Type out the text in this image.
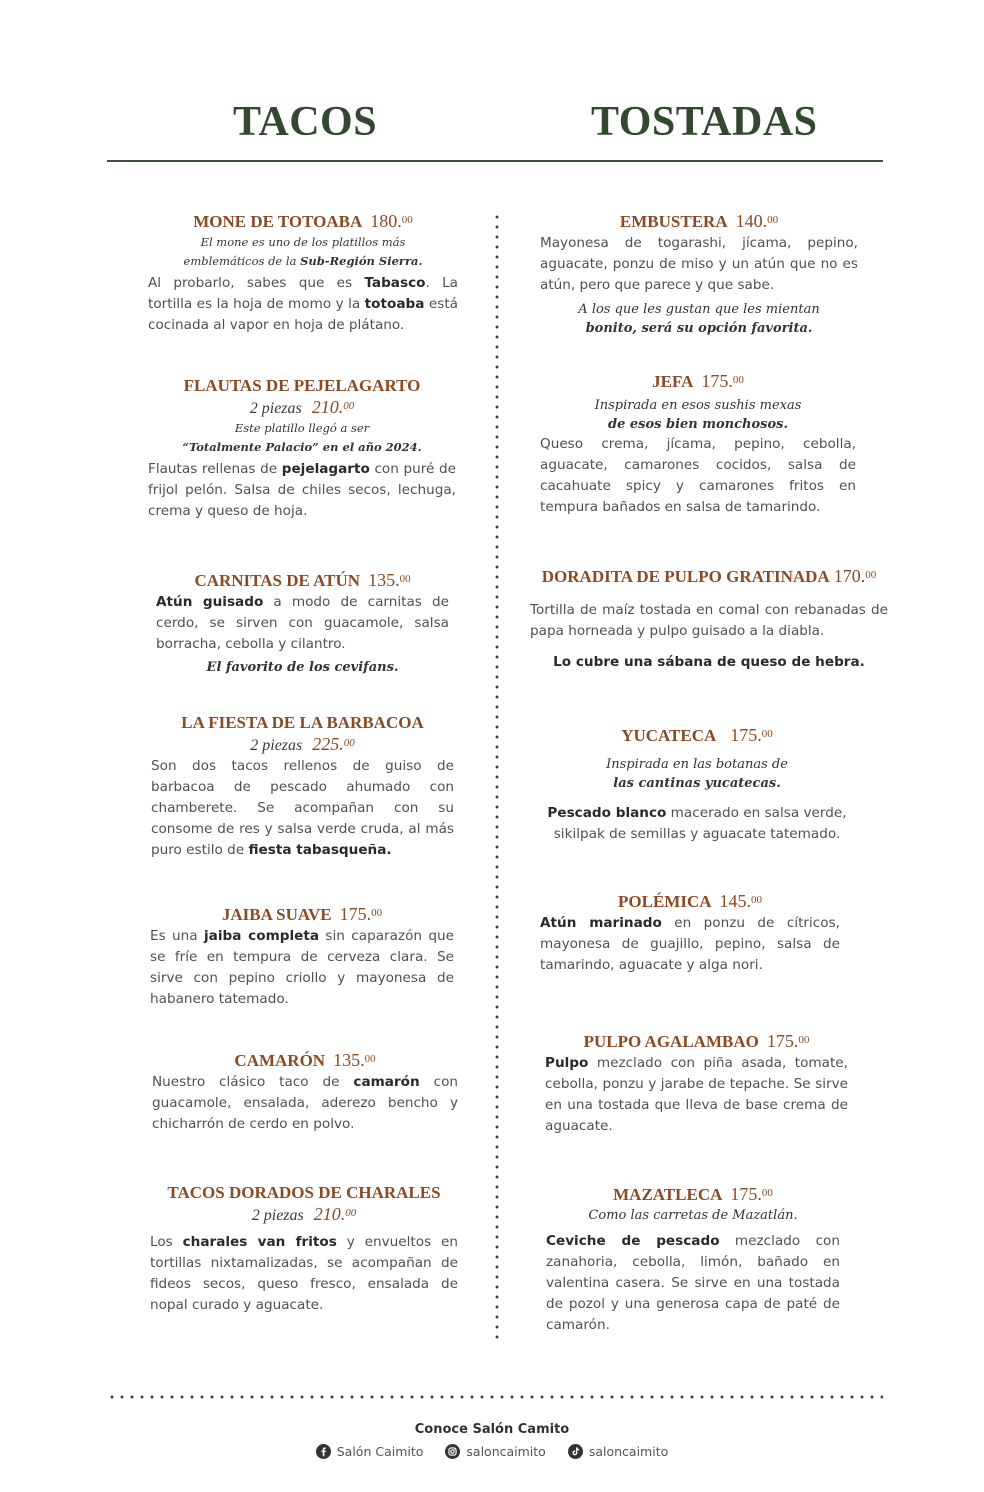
TACOS	TOSTADAS
MONE DE TOTOABA 180.00
El mone es uno de los platillos más
emblemáticos de la Sub-Región Sierra.
Al probarlo, sabes que es Tabasco. La tortilla es la hoja de momo y la totoaba está cocinada al vapor en hoja de plátano.
FLAUTAS DE PEJELAGARTO
2 piezas 210.00
Este platillo llegó a ser
“Totalmente Palacio” en el año 2024.
Flautas rellenas de pejelagarto con puré de frijol pelón. Salsa de chiles secos, lechuga, crema y queso de hoja.
CARNITAS DE ATÚN 135.00
Atún guisado a modo de carnitas de cerdo, se sirven con guacamole, salsa borracha, cebolla y cilantro.
El favorito de los cevifans.
LA FIESTA DE LA BARBACOA
2 piezas 225.00
Son dos tacos rellenos de guiso de barbacoa de pescado ahumado con chamberete. Se acompañan con su consome de res y salsa verde cruda, al más puro estilo de fiesta tabasqueña.
JAIBA SUAVE 175.00
Es una jaiba completa sin caparazón que se fríe en tempura de cerveza clara. Se sirve con pepino criollo y mayonesa de habanero tatemado.
CAMARÓN 135.00
Nuestro clásico taco de camarón con guacamole, ensalada, aderezo bencho y chicharrón de cerdo en polvo.
TACOS DORADOS DE CHARALES
2 piezas 210.00
Los charales van fritos y envueltos en tortillas nixtamalizadas, se acompañan de fideos secos, queso fresco, ensalada de nopal curado y aguacate.
EMBUSTERA 140.00
Mayonesa de togarashi, jícama, pepino, aguacate, ponzu de miso y un atún que no es atún, pero que parece y que sabe.
A los que les gustan que les mientan
bonito, será su opción favorita.
JEFA 175.00
Inspirada en esos sushis mexas
de esos bien monchosos.
Queso crema, jícama, pepino, cebolla, aguacate, camarones cocidos, salsa de cacahuate spicy y camarones fritos en tempura bañados en salsa de tamarindo.
DORADITA DE PULPO GRATINADA 170.00
Tortilla de maíz tostada en comal con rebanadas de papa horneada y pulpo guisado a la diabla.
Lo cubre una sábana de queso de hebra.
YUCATECA 175.00
Inspirada en las botanas de
las cantinas yucatecas.
Pescado blanco macerado en salsa verde, sikilpak de semillas y aguacate tatemado.
POLÉMICA 145.00
Atún marinado en ponzu de cítricos, mayonesa de guajillo, pepino, salsa de tamarindo, aguacate y alga nori.
PULPO AGALAMBAO 175.00
Pulpo mezclado con piña asada, tomate, cebolla, ponzu y jarabe de tepache. Se sirve en una tostada que lleva de base crema de aguacate.
MAZATLECA 175.00
Como las carretas de Mazatlán.
Ceviche de pescado mezclado con zanahoria, cebolla, limón, bañado en valentina casera. Se sirve en una tostada de pozol y una generosa capa de paté de camarón.
Conoce Salón Camito
Salón Caimito	saloncaimito	saloncaimito
